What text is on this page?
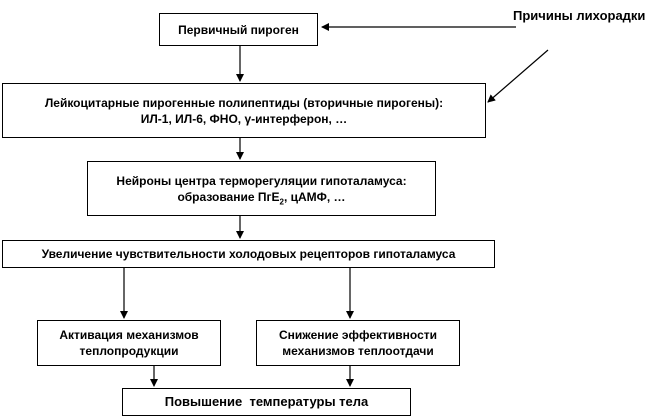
Причины лихорадки
Первичный пироген
Лейкоцитарные пирогенные полипептиды (вторичные пирогены):
ИЛ-1, ИЛ-6, ФНО, γ-интерферон, …
Нейроны центра терморегуляции гипоталамуса:
образование ПгЕ$_2$, цАМФ, …
Увеличение чувствительности холодовых рецепторов гипоталамуса
Активация механизмов
теплопродукции
Снижение эффективности
механизмов теплоотдачи
Повышение  температуры тела
